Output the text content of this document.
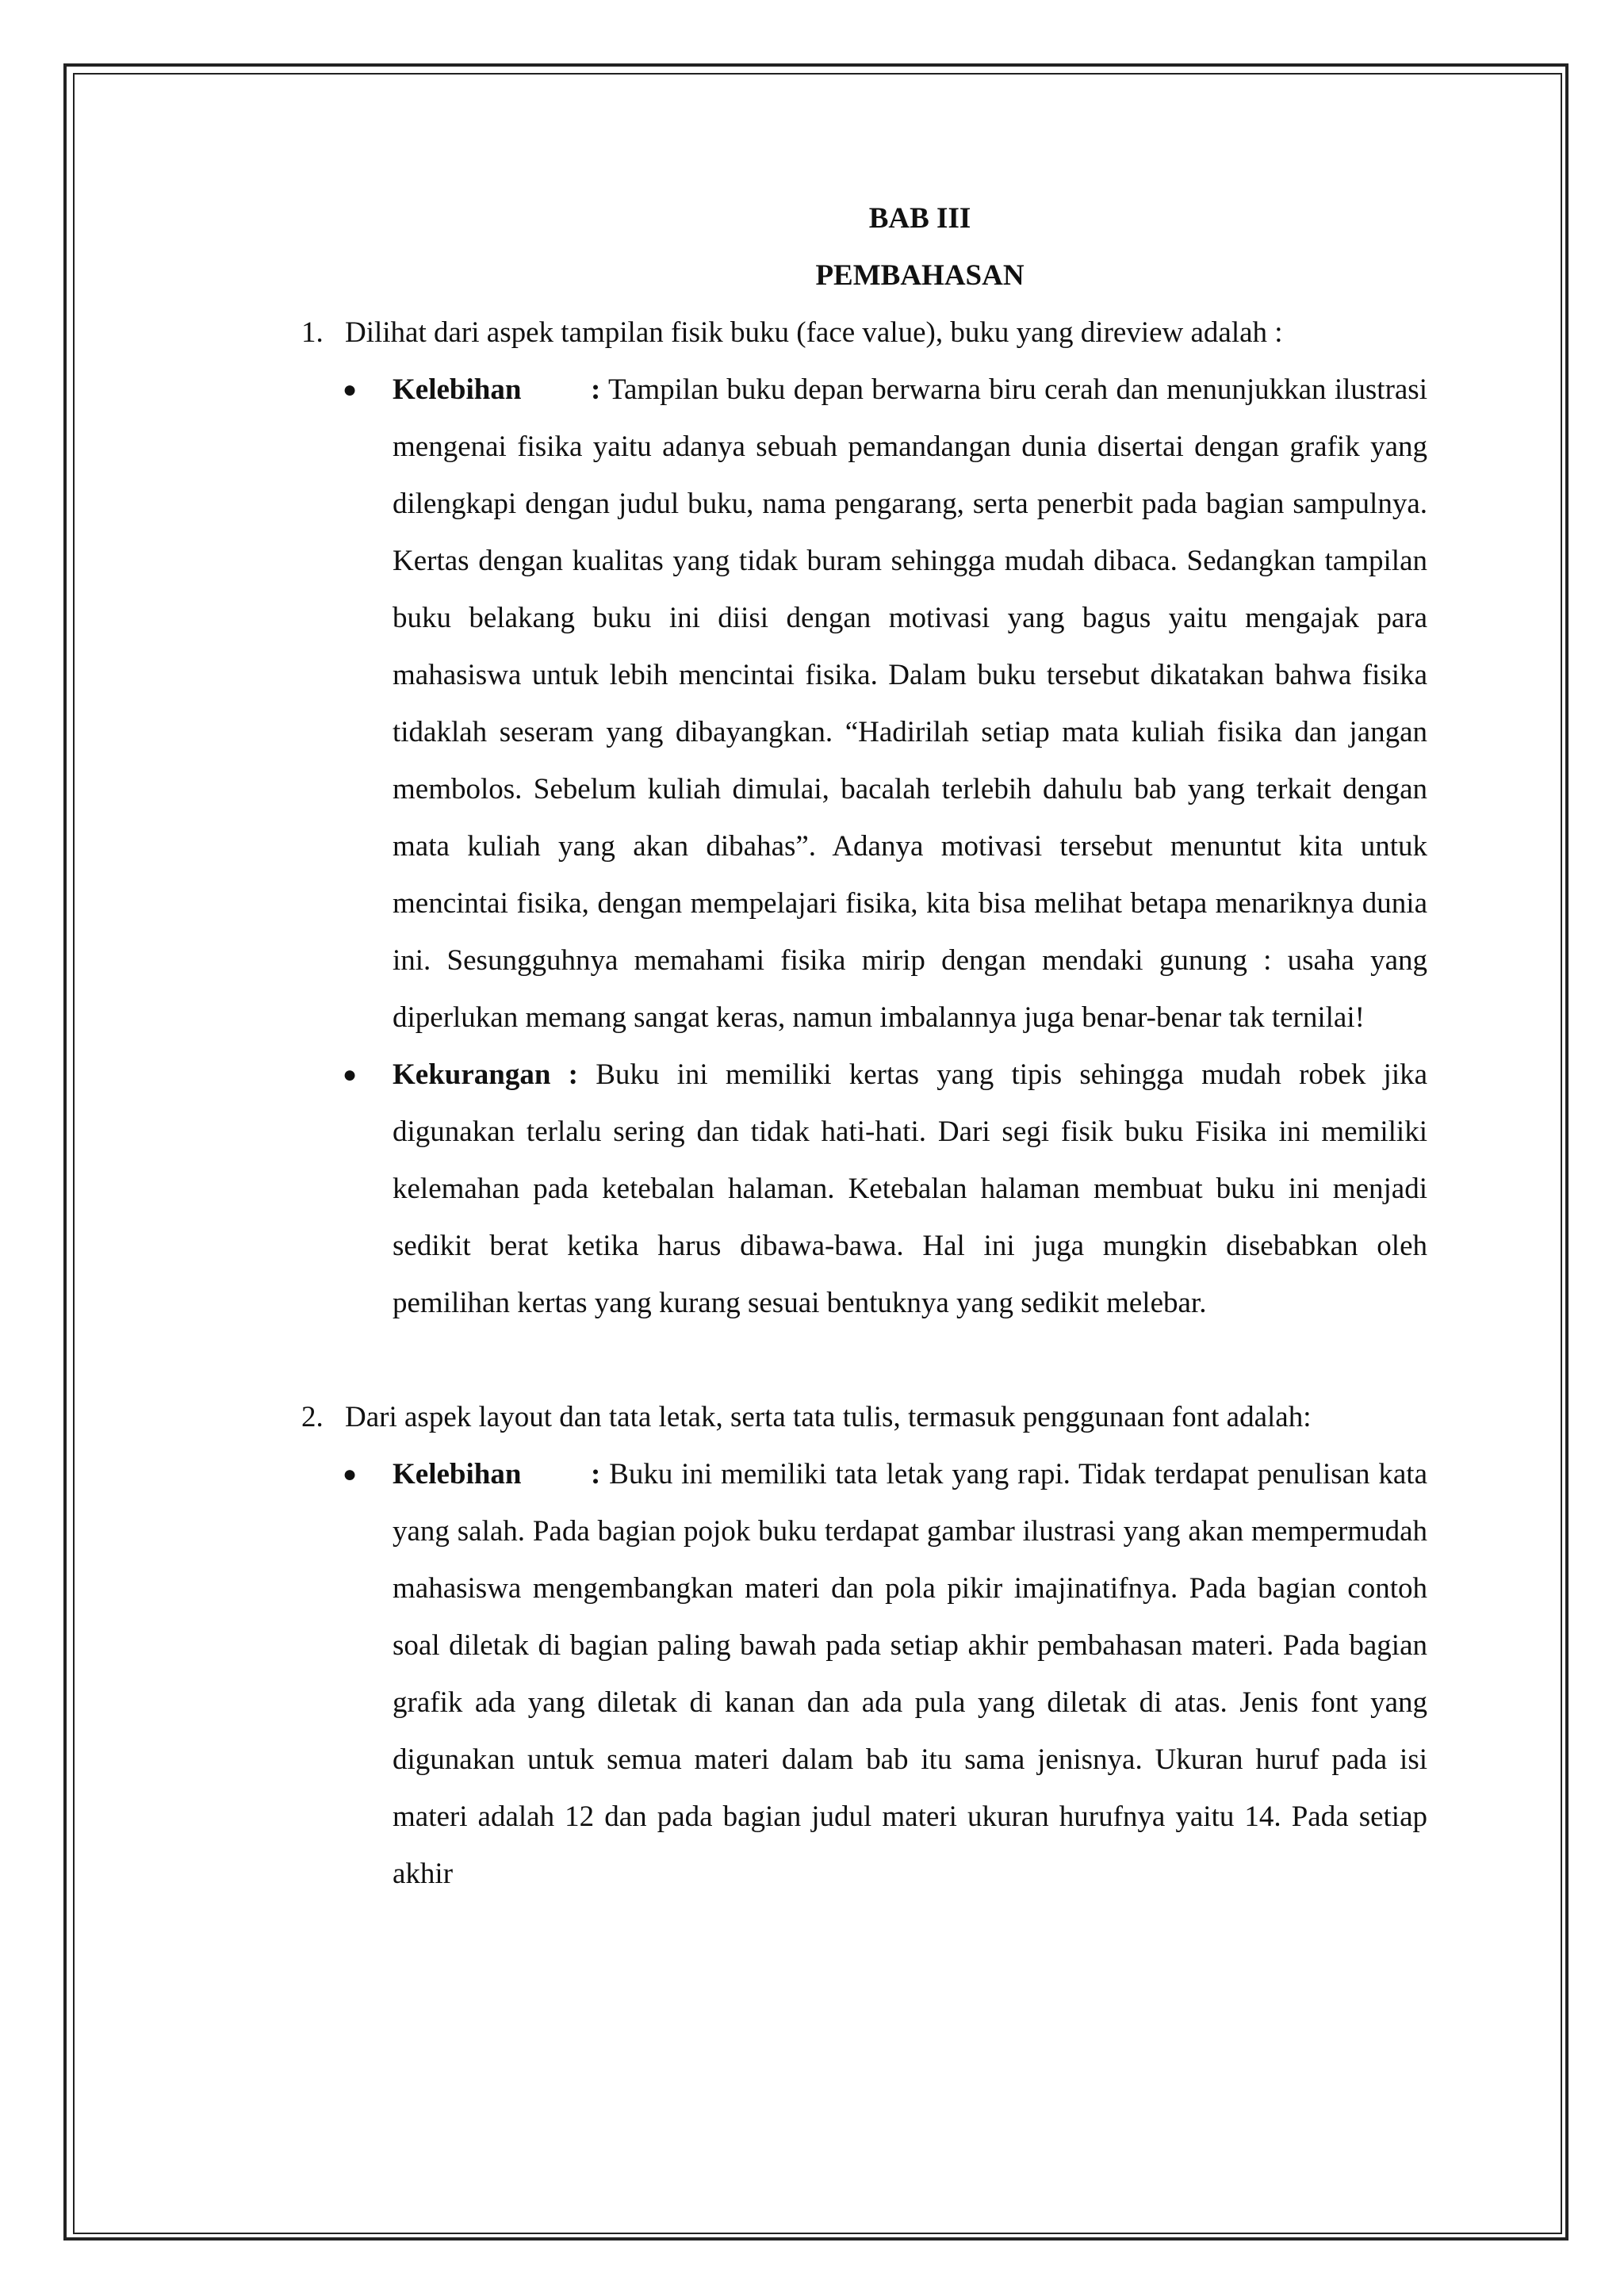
BAB III
PEMBAHASAN
1. Dilihat dari aspek tampilan fisik buku (face value), buku yang direview adalah :
● Kelebihan : Tampilan buku depan berwarna biru cerah dan menunjukkan ilustrasi mengenai fisika yaitu adanya sebuah pemandangan dunia disertai dengan grafik yang dilengkapi dengan judul buku, nama pengarang, serta penerbit pada bagian sampulnya. Kertas dengan kualitas yang tidak buram sehingga mudah dibaca. Sedangkan tampilan buku belakang buku ini diisi dengan motivasi yang bagus yaitu mengajak para mahasiswa untuk lebih mencintai fisika. Dalam buku tersebut dikatakan bahwa fisika tidaklah seseram yang dibayangkan. “Hadirilah setiap mata kuliah fisika dan jangan membolos. Sebelum kuliah dimulai, bacalah terlebih dahulu bab yang terkait dengan mata kuliah yang akan dibahas”. Adanya motivasi tersebut menuntut kita untuk mencintai fisika, dengan mempelajari fisika, kita bisa melihat betapa menariknya dunia ini. Sesungguhnya memahami fisika mirip dengan mendaki gunung : usaha yang diperlukan memang sangat keras, namun imbalannya juga benar-benar tak ternilai!
● Kekurangan : Buku ini memiliki kertas yang tipis sehingga mudah robek jika digunakan terlalu sering dan tidak hati-hati. Dari segi fisik buku Fisika ini memiliki kelemahan pada ketebalan halaman. Ketebalan halaman membuat buku ini menjadi sedikit berat ketika harus dibawa-bawa. Hal ini juga mungkin disebabkan oleh pemilihan kertas yang kurang sesuai bentuknya yang sedikit melebar.
2. Dari aspek layout dan tata letak, serta tata tulis, termasuk penggunaan font adalah:
● Kelebihan : Buku ini memiliki tata letak yang rapi. Tidak terdapat penulisan kata yang salah. Pada bagian pojok buku terdapat gambar ilustrasi yang akan mempermudah mahasiswa mengembangkan materi dan pola pikir imajinatifnya. Pada bagian contoh soal diletak di bagian paling bawah pada setiap akhir pembahasan materi. Pada bagian grafik ada yang diletak di kanan dan ada pula yang diletak di atas. Jenis font yang digunakan untuk semua materi dalam bab itu sama jenisnya. Ukuran huruf pada isi materi adalah 12 dan pada bagian judul materi ukuran hurufnya yaitu 14. Pada setiap akhir
